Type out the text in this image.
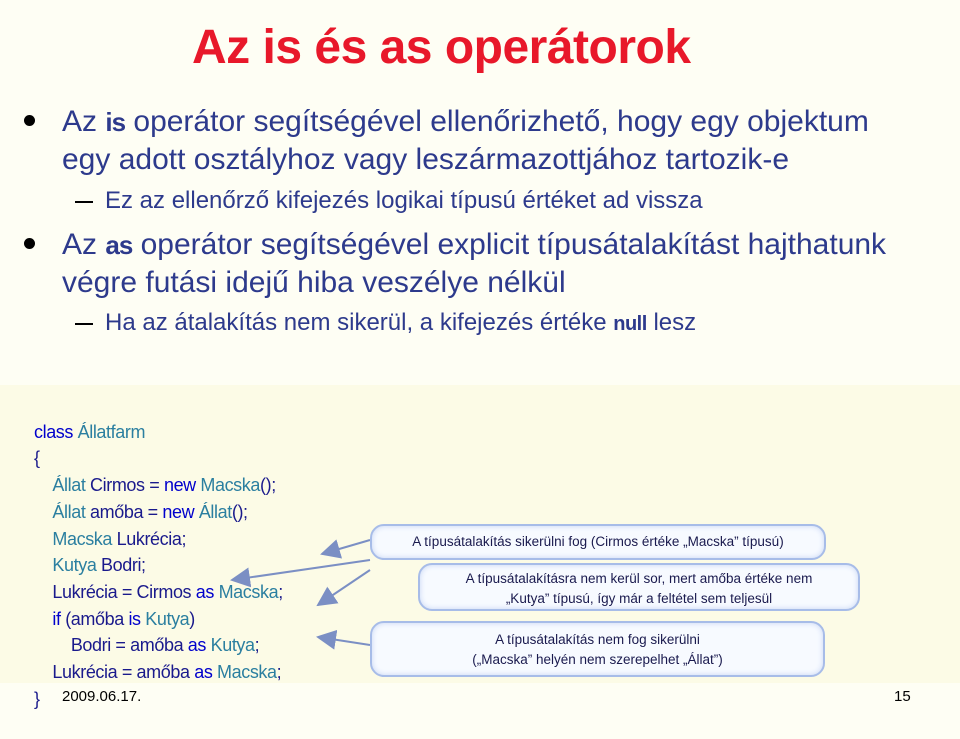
Az is és as operátorok
Az is operátor segítségével ellenőrizhető, hogy egy objektum
egy adott osztályhoz vagy leszármazottjához tartozik-e
Ez az ellenőrző kifejezés logikai típusú értéket ad vissza
Az as operátor segítségével explicit típusátalakítást hajthatunk
végre futási idejű hiba veszélye nélkül
Ha az átalakítás nem sikerül, a kifejezés értéke null lesz

class Állatfarm
{
Állat Cirmos = new Macska();
Állat amőba = new Állat();
Macska Lukrécia;
Kutya Bodri;
Lukrécia = Cirmos as Macska;
if (amőba is Kutya)
Bodri = amőba as Kutya;
Lukrécia = amőba as Macska;
}

A típusátalakítás sikerülni fog (Cirmos értéke „Macska” típusú)
A típusátalakításra nem kerül sor, mert amőba értéke nem
„Kutya” típusú, így már a feltétel sem teljesül
A típusátalakítás nem fog sikerülni
(„Macska” helyén nem szerepelhet „Állat”)
2009.06.17.	15
